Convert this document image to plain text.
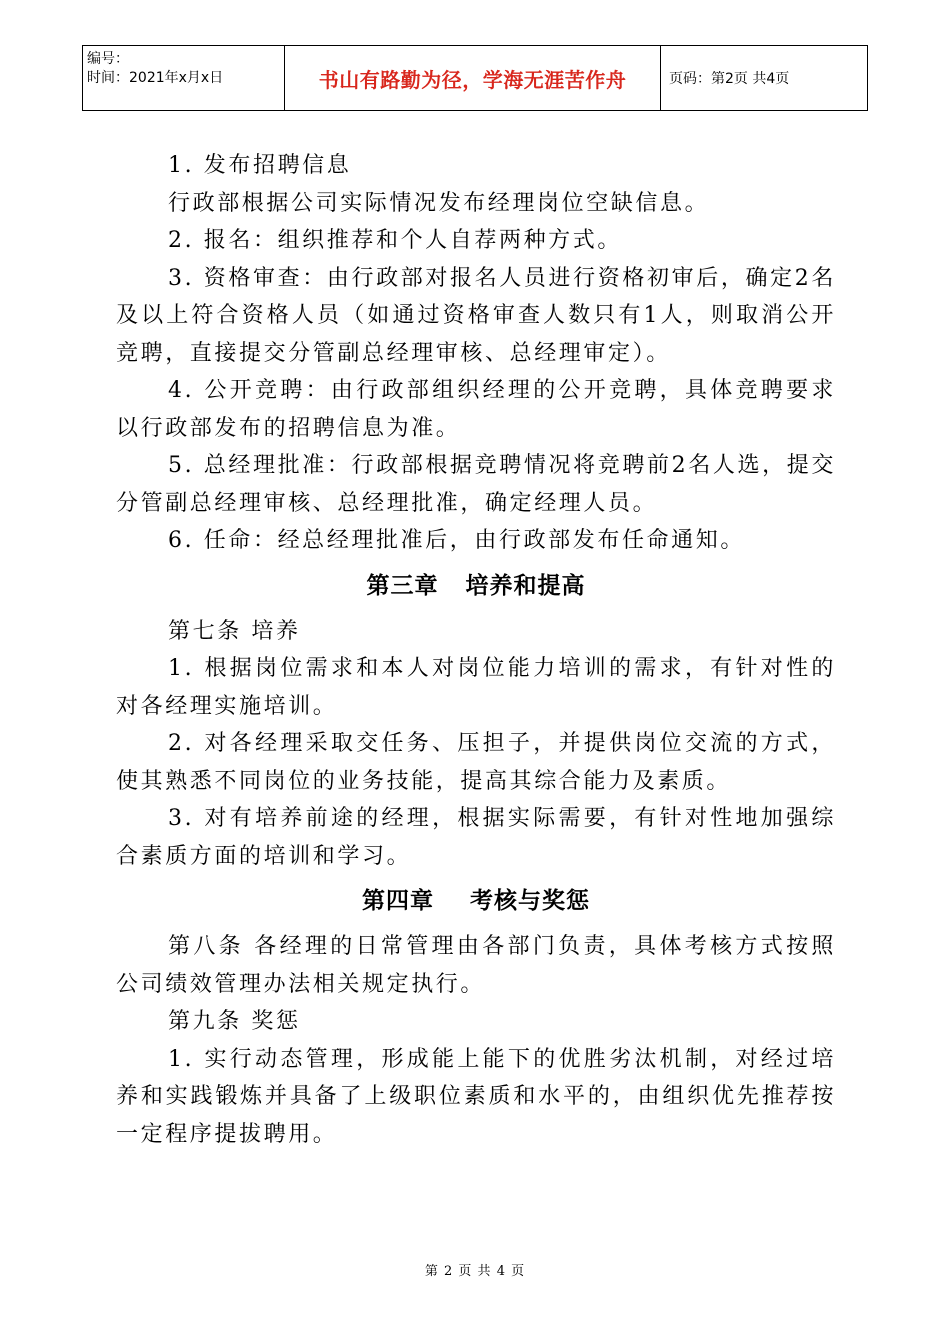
编号：
时间：2021年x月x日	书山有路勤为径，学海无涯苦作舟	页码：第2页 共4页

1. 发布招聘信息

行政部根据公司实际情况发布经理岗位空缺信息。

2. 报名：组织推荐和个人自荐两种方式。

3. 资格审查：由行政部对报名人员进行资格初审后，确定2名及以上符合资格人员（如通过资格审查人数只有1人，则取消公开竞聘，直接提交分管副总经理审核、总经理审定）。

4. 公开竞聘：由行政部组织经理的公开竞聘，具体竞聘要求以行政部发布的招聘信息为准。

5. 总经理批准：行政部根据竞聘情况将竞聘前2名人选，提交分管副总经理审核、总经理批准，确定经理人员。

6. 任命：经总经理批准后，由行政部发布任命通知。

第三章   培养和提高

第七条 培养

1. 根据岗位需求和本人对岗位能力培训的需求，有针对性的对各经理实施培训。

2. 对各经理采取交任务、压担子，并提供岗位交流的方式，使其熟悉不同岗位的业务技能，提高其综合能力及素质。

3. 对有培养前途的经理，根据实际需要，有针对性地加强综合素质方面的培训和学习。

第四章    考核与奖惩

第八条 各经理的日常管理由各部门负责，具体考核方式按照公司绩效管理办法相关规定执行。

第九条 奖惩

1. 实行动态管理，形成能上能下的优胜劣汰机制，对经过培养和实践锻炼并具备了上级职位素质和水平的，由组织优先推荐按一定程序提拔聘用。

第 2 页 共 4 页
